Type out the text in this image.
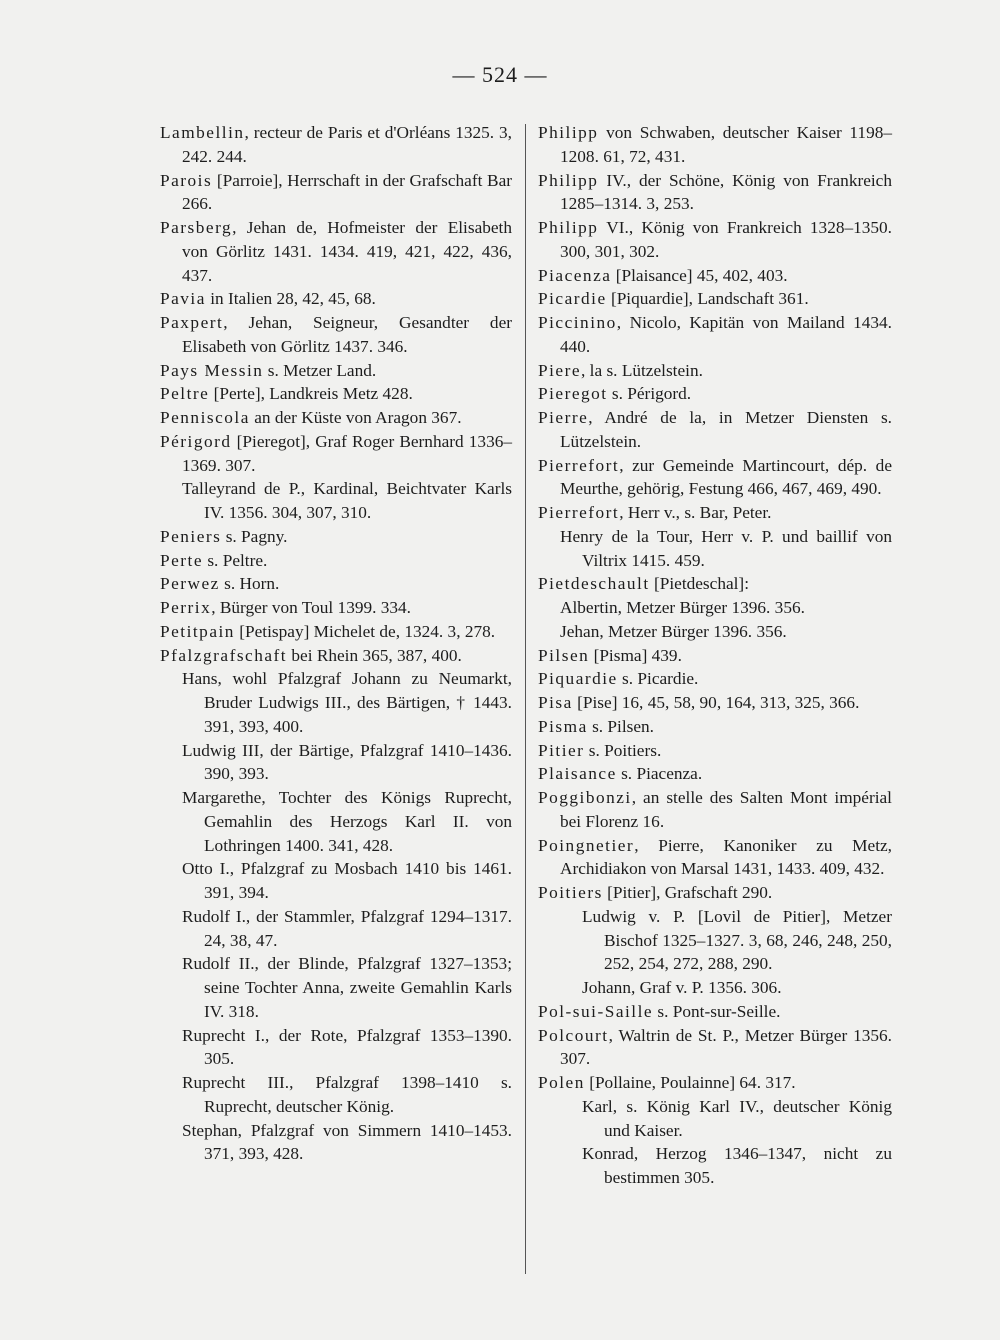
— 524 —
Lambellin, recteur de Paris et d'Orléans 1325. 3, 242. 244.
Parois [Parroie], Herrschaft in der Grafschaft Bar 266.
Parsberg, Jehan de, Hofmeister der Elisabeth von Görlitz 1431. 1434. 419, 421, 422, 436, 437.
Pavia in Italien 28, 42, 45, 68.
Paxpert, Jehan, Seigneur, Gesandter der Elisabeth von Görlitz 1437. 346.
Pays Messin s. Metzer Land.
Peltre [Perte], Landkreis Metz 428.
Penniscola an der Küste von Aragon 367.
Périgord [Pieregot], Graf Roger Bernhard 1336–1369. 307.
Talleyrand de P., Kardinal, Beichtvater Karls IV. 1356. 304, 307, 310.
Peniers s. Pagny.
Perte s. Peltre.
Perwez s. Horn.
Perrix, Bürger von Toul 1399. 334.
Petitpain [Petispay] Michelet de, 1324. 3, 278.
Pfalzgrafschaft bei Rhein 365, 387, 400.
Hans, wohl Pfalzgraf Johann zu Neumarkt, Bruder Ludwigs III., des Bärtigen, † 1443. 391, 393, 400.
Ludwig III, der Bärtige, Pfalzgraf 1410–1436. 390, 393.
Margarethe, Tochter des Königs Ruprecht, Gemahlin des Herzogs Karl II. von Lothringen 1400. 341, 428.
Otto I., Pfalzgraf zu Mosbach 1410 bis 1461. 391, 394.
Rudolf I., der Stammler, Pfalzgraf 1294–1317. 24, 38, 47.
Rudolf II., der Blinde, Pfalzgraf 1327–1353; seine Tochter Anna, zweite Gemahlin Karls IV. 318.
Ruprecht I., der Rote, Pfalzgraf 1353–1390. 305.
Ruprecht III., Pfalzgraf 1398–1410 s. Ruprecht, deutscher König.
Stephan, Pfalzgraf von Simmern 1410–1453. 371, 393, 428.
Philipp von Schwaben, deutscher Kaiser 1198–1208. 61, 72, 431.
Philipp IV., der Schöne, König von Frankreich 1285–1314. 3, 253.
Philipp VI., König von Frankreich 1328–1350. 300, 301, 302.
Piacenza [Plaisance] 45, 402, 403.
Picardie [Piquardie], Landschaft 361.
Piccinino, Nicolo, Kapitän von Mailand 1434. 440.
Piere, la s. Lützelstein.
Pieregot s. Périgord.
Pierre, André de la, in Metzer Diensten s. Lützelstein.
Pierrefort, zur Gemeinde Martincourt, dép. de Meurthe, gehörig, Festung 466, 467, 469, 490.
Pierrefort, Herr v., s. Bar, Peter.
Henry de la Tour, Herr v. P. und baillif von Viltrix 1415. 459.
Pietdeschault [Pietdeschal]:
Albertin, Metzer Bürger 1396. 356.
Jehan, Metzer Bürger 1396. 356.
Pilsen [Pisma] 439.
Piquardie s. Picardie.
Pisa [Pise] 16, 45, 58, 90, 164, 313, 325, 366.
Pisma s. Pilsen.
Pitier s. Poitiers.
Plaisance s. Piacenza.
Poggibonzi, an stelle des Salten Mont impérial bei Florenz 16.
Poingnetier, Pierre, Kanoniker zu Metz, Archidiakon von Marsal 1431, 1433. 409, 432.
Poitiers [Pitier], Grafschaft 290.
Ludwig v. P. [Lovil de Pitier], Metzer Bischof 1325–1327. 3, 68, 246, 248, 250, 252, 254, 272, 288, 290.
Johann, Graf v. P. 1356. 306.
Pol-sui-Saille s. Pont-sur-Seille.
Polcourt, Waltrin de St. P., Metzer Bürger 1356. 307.
Polen [Pollaine, Poulainne] 64. 317.
Karl, s. König Karl IV., deutscher König und Kaiser.
Konrad, Herzog 1346–1347, nicht zu bestimmen 305.
